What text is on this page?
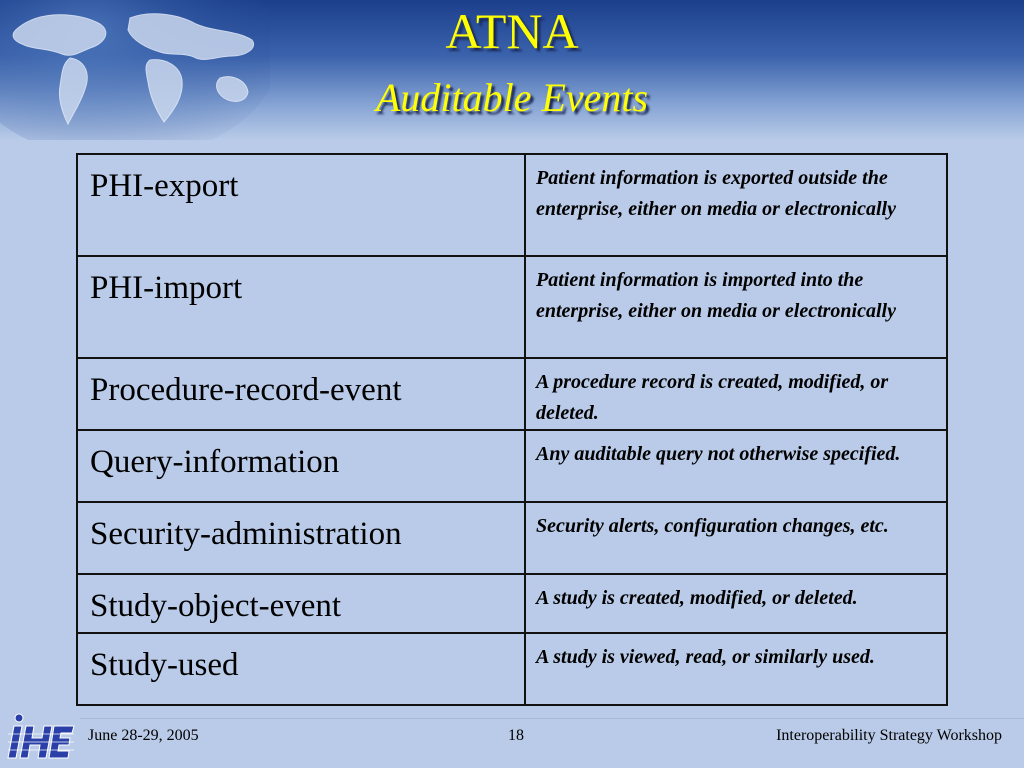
ATNA
Auditable Events
PHI-export	Patient information is exported outside the enterprise, either on media or electronically
PHI-import	Patient information is imported into the enterprise, either on media or electronically
Procedure-record-event	A procedure record is created, modified, or deleted.
Query-information	Any auditable query not otherwise specified.
Security-administration	Security alerts, configuration changes, etc.
Study-object-event	A study is created, modified, or deleted.
Study-used	A study is viewed, read, or similarly used.
June 28-29, 2005	18	Interoperability Strategy Workshop
